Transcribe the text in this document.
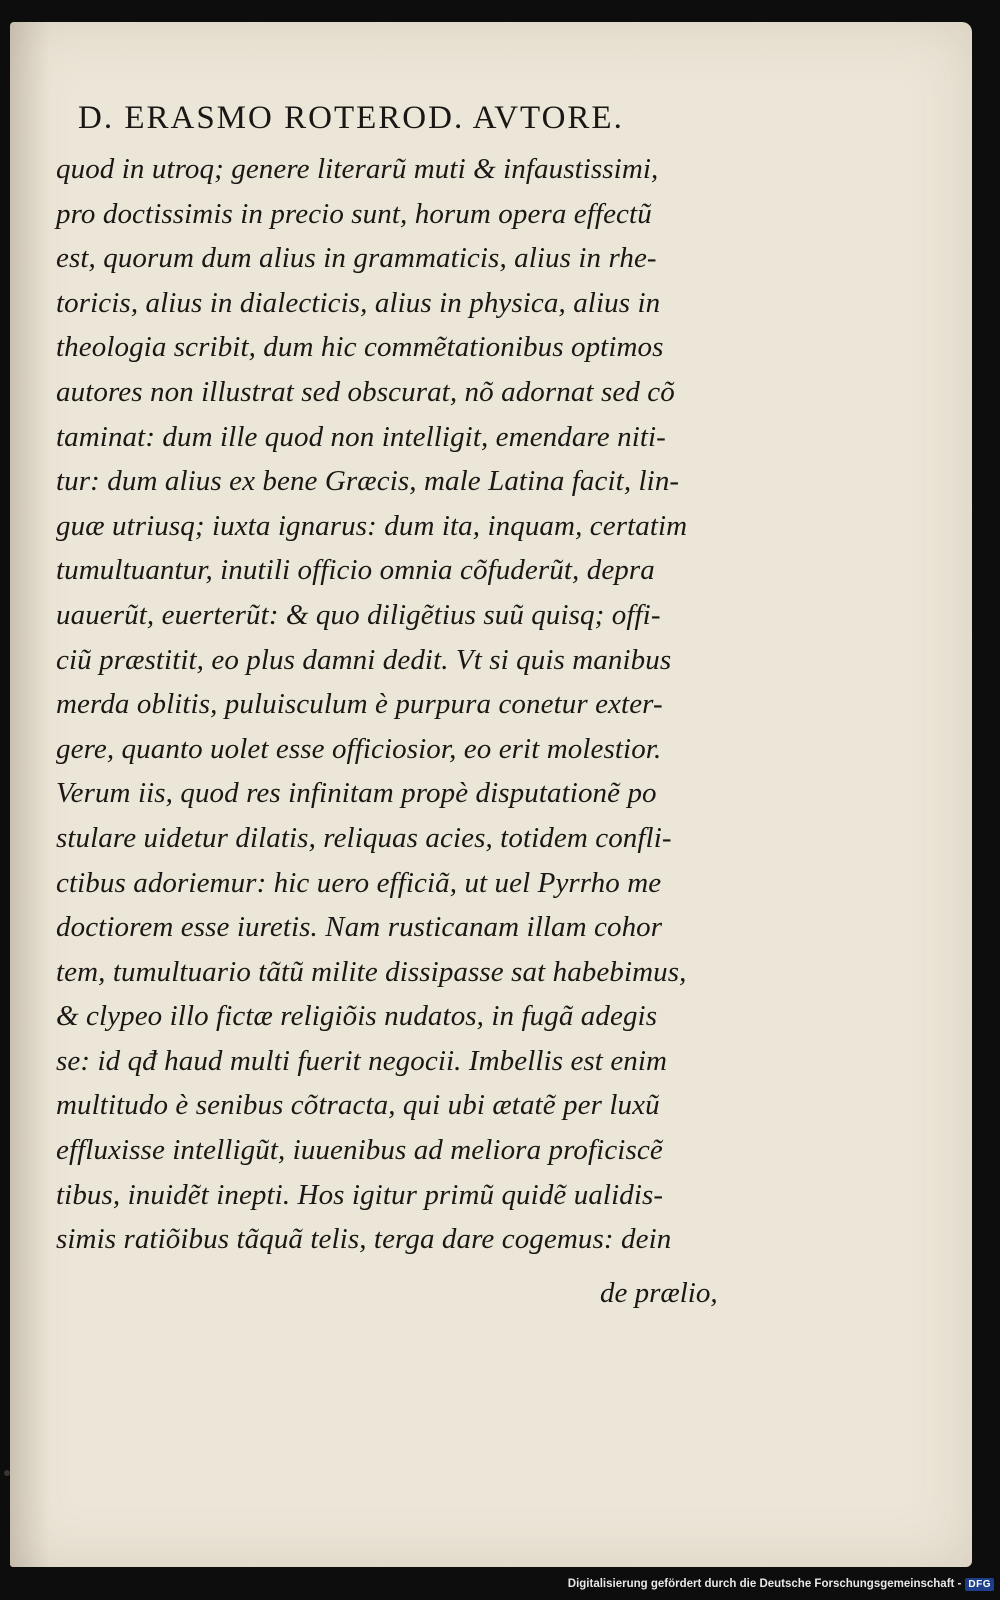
D. ERASMO ROTEROD. AVTORE.
quod in utroq; genere literarũ muti & infaustissimi,
pro doctissimis in precio sunt, horum opera effectũ
est, quorum dum alius in grammaticis, alius in rhe-
toricis, alius in dialecticis, alius in physica, alius in
theologia scribit, dum hic commẽtationibus optimos
autores non illustrat sed obscurat, nõ adornat sed cõ
taminat: dum ille quod non intelligit, emendare niti-
tur: dum alius ex bene Græcis, male Latina facit, lin-
guæ utriusq; iuxta ignarus: dum ita, inquam, certatim
tumultuantur, inutili officio omnia cõfuderũt, depra
uauerũt, euerterũt: & quo diligẽtius suũ quisq; offi-
ciũ præstitit, eo plus damni dedit. Vt si quis manibus
merda oblitis, puluisculum è purpura conetur exter-
gere, quanto uolet esse officiosior, eo erit molestior.
Verum iis, quod res infinitam propè disputationẽ po
stulare uidetur dilatis, reliquas acies, totidem confli-
ctibus adoriemur: hic uero efficiã, ut uel Pyrrho me
doctiorem esse iuretis. Nam rusticanam illam cohor
tem, tumultuario tãtũ milite dissipasse sat habebimus,
& clypeo illo fictæ religiõis nudatos, in fugã adegis
se: id qđ haud multi fuerit negocii. Imbellis est enim
multitudo è senibus cõtracta, qui ubi ætatẽ per luxũ
effluxisse intelligũt, iuuenibus ad meliora proficiscẽ
tibus, inuidẽt inepti. Hos igitur primũ quidẽ ualidis-
simis ratiõibus tãquã telis, terga dare cogemus: dein
de prælio,
Digitalisierung gefördert durch die Deutsche Forschungsgemeinschaft - DFG
